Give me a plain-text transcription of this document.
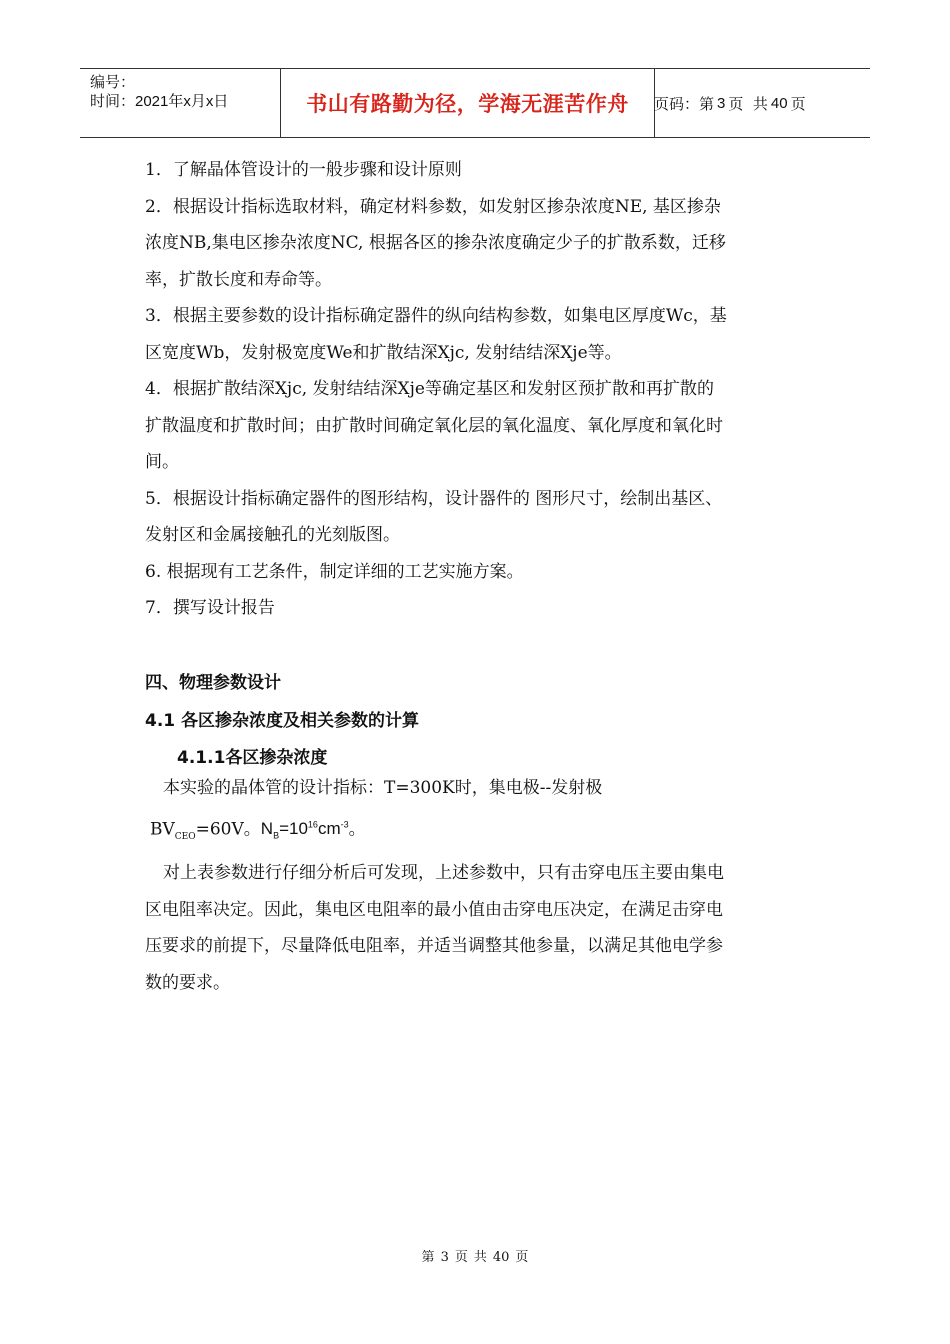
编号：
时间：2021年x月x日	书山有路勤为径，学海无涯苦作舟 页码：第 3 页  共 40 页

1．了解晶体管设计的一般步骤和设计原则

2．根据设计指标选取材料，确定材料参数，如发射区掺杂浓度NE, 基区掺杂

浓度NB,集电区掺杂浓度NC, 根据各区的掺杂浓度确定少子的扩散系数，迁移

率，扩散长度和寿命等。

3．根据主要参数的设计指标确定器件的纵向结构参数，如集电区厚度Wc，基

区宽度Wb，发射极宽度We和扩散结深Xjc, 发射结结深Xje等。

4．根据扩散结深Xjc, 发射结结深Xje等确定基区和发射区预扩散和再扩散的

扩散温度和扩散时间；由扩散时间确定氧化层的氧化温度、氧化厚度和氧化时

间。

5．根据设计指标确定器件的图形结构，设计器件的 图形尺寸，绘制出基区、

发射区和金属接触孔的光刻版图。

6. 根据现有工艺条件，制定详细的工艺实施方案。

7．撰写设计报告

四、物理参数设计
4.1 各区掺杂浓度及相关参数的计算
4.1.1各区掺杂浓度

本实验的晶体管的设计指标：T=300K时，集电极--发射极

$BV_{CEO}=60V$。$N_B=10^{16}cm^{-3}$。

对上表参数进行仔细分析后可发现，上述参数中，只有击穿电压主要由集电

区电阻率决定。因此，集电区电阻率的最小值由击穿电压决定，在满足击穿电

压要求的前提下，尽量降低电阻率，并适当调整其他参量，以满足其他电学参

数的要求。

第 3 页 共 40 页
